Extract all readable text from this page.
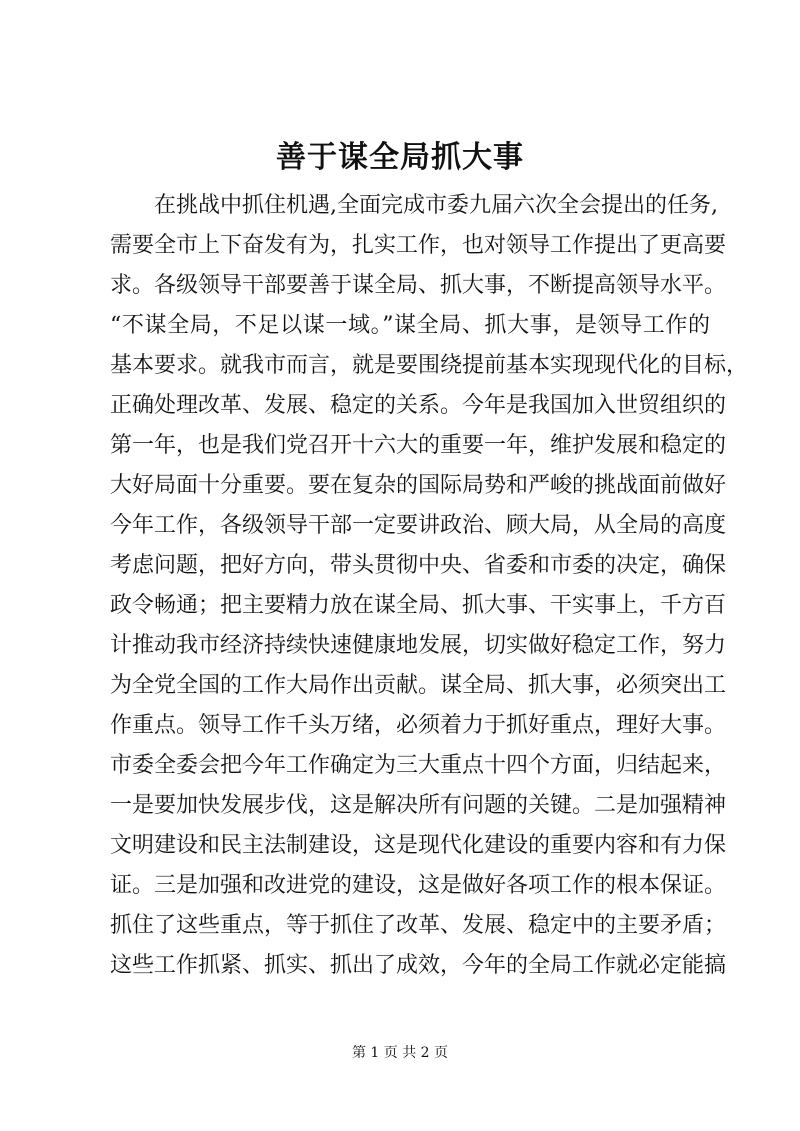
善于谋全局抓大事
在挑战中抓住机遇,全面完成市委九届六次全会提出的任务,
需要全市上下奋发有为，扎实工作，也对领导工作提出了更高要
求。各级领导干部要善于谋全局、抓大事，不断提高领导水平。
“不谋全局，不足以谋一域。”谋全局、抓大事，是领导工作的
基本要求。就我市而言，就是要围绕提前基本实现现代化的目标，
正确处理改革、发展、稳定的关系。今年是我国加入世贸组织的
第一年，也是我们党召开十六大的重要一年，维护发展和稳定的
大好局面十分重要。要在复杂的国际局势和严峻的挑战面前做好
今年工作，各级领导干部一定要讲政治、顾大局，从全局的高度
考虑问题，把好方向，带头贯彻中央、省委和市委的决定，确保
政令畅通；把主要精力放在谋全局、抓大事、干实事上，千方百
计推动我市经济持续快速健康地发展，切实做好稳定工作，努力
为全党全国的工作大局作出贡献。谋全局、抓大事，必须突出工
作重点。领导工作千头万绪，必须着力于抓好重点，理好大事。
市委全委会把今年工作确定为三大重点十四个方面，归结起来，
一是要加快发展步伐，这是解决所有问题的关键。二是加强精神
文明建设和民主法制建设，这是现代化建设的重要内容和有力保
证。三是加强和改进党的建设，这是做好各项工作的根本保证。
抓住了这些重点，等于抓住了改革、发展、稳定中的主要矛盾；
这些工作抓紧、抓实、抓出了成效，今年的全局工作就必定能搞
第 1 页 共 2 页
